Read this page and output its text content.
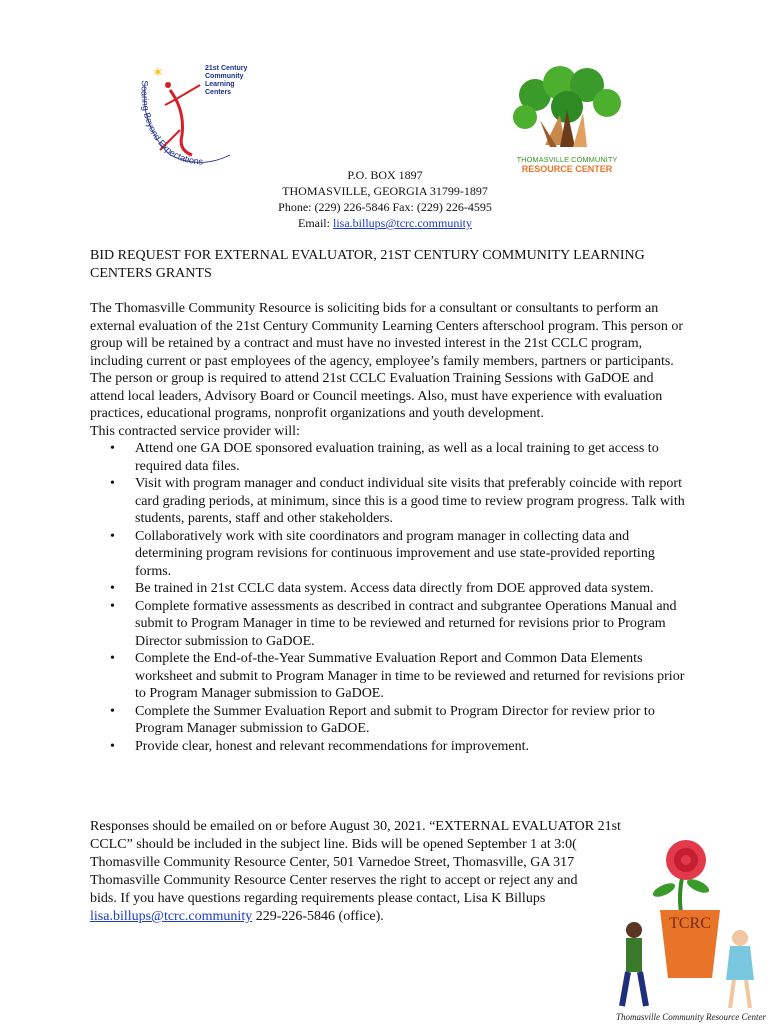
✶
Soaring Beyond Expectations
21st Century
Community
Learning Centers
THOMASVILLE COMMUNITY
RESOURCE CENTER
P.O. BOX 1897
THOMASVILLE, GEORGIA 31799-1897
Phone: (229) 226-5846 Fax: (229) 226-4595
Email: lisa.billups@tcrc.community
BID REQUEST FOR EXTERNAL EVALUATOR, 21ST CENTURY COMMUNITY LEARNING CENTERS GRANTS

The Thomasville Community Resource is soliciting bids for a consultant or consultants to perform an external evaluation of the 21st Century Community Learning Centers afterschool program. This person or group will be retained by a contract and must have no invested interest in the 21st CCLC program, including current or past employees of the agency, employee’s family members, partners or participants. The person or group is required to attend 21st CCLC Evaluation Training Sessions with GaDOE and attend local leaders, Advisory Board or Council meetings. Also, must have experience with evaluation practices, educational programs, nonprofit organizations and youth development.

This contracted service provider will:

• Attend one GA DOE sponsored evaluation training, as well as a local training to get access to required data files.
• Visit with program manager and conduct individual site visits that preferably coincide with report card grading periods, at minimum, since this is a good time to review program progress. Talk with students, parents, staff and other stakeholders.
• Collaboratively work with site coordinators and program manager in collecting data and determining program revisions for continuous improvement and use state-provided reporting forms.
• Be trained in 21st CCLC data system. Access data directly from DOE approved data system.
• Complete formative assessments as described in contract and subgrantee Operations Manual and submit to Program Manager in time to be reviewed and returned for revisions prior to Program Director submission to GaDOE.
• Complete the End-of-the-Year Summative Evaluation Report and Common Data Elements worksheet and submit to Program Manager in time to be reviewed and returned for revisions prior to Program Manager submission to GaDOE.
• Complete the Summer Evaluation Report and submit to Program Director for review prior to Program Manager submission to GaDOE.
• Provide clear, honest and relevant recommendations for improvement.
Responses should be emailed on or before August 30, 2021. “EXTERNAL EVALUATOR 21st
CCLC” should be included in the subject line. Bids will be opened September 1 at 3:0(
Thomasville Community Resource Center, 501 Varnedoe Street, Thomasville, GA 317
Thomasville Community Resource Center reserves the right to accept or reject any and
bids. If you have questions regarding requirements please contact, Lisa K Billups
lisa.billups@tcrc.community 229-226-5846 (office).	TCRC
Thomasville Community Resource Center
